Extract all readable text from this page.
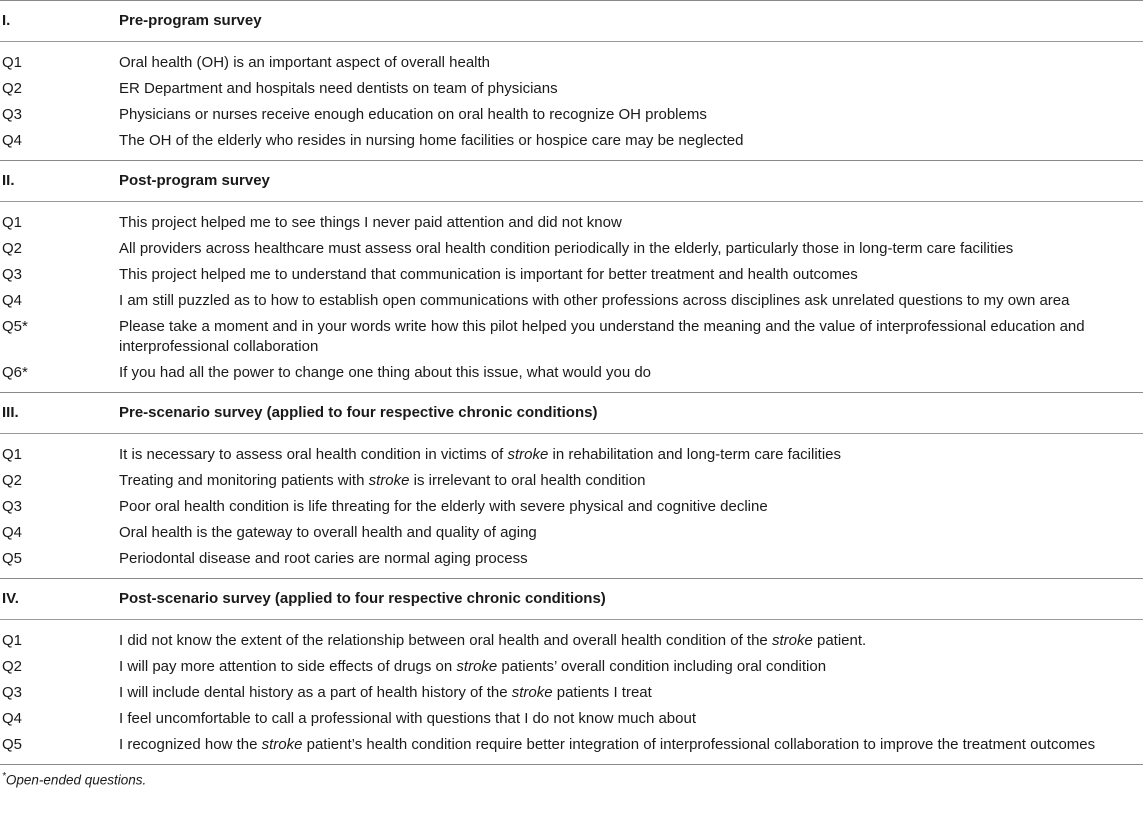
I.	Pre-program survey
Q1	Oral health (OH) is an important aspect of overall health
Q2	ER Department and hospitals need dentists on team of physicians
Q3	Physicians or nurses receive enough education on oral health to recognize OH problems
Q4	The OH of the elderly who resides in nursing home facilities or hospice care may be neglected
II.	Post-program survey
Q1	This project helped me to see things I never paid attention and did not know
Q2	All providers across healthcare must assess oral health condition periodically in the elderly, particularly those in long-term care facilities
Q3	This project helped me to understand that communication is important for better treatment and health outcomes
Q4	I am still puzzled as to how to establish open communications with other professions across disciplines ask unrelated questions to my own area
Q5*	Please take a moment and in your words write how this pilot helped you understand the meaning and the value of interprofessional education and interprofessional collaboration
Q6*	If you had all the power to change one thing about this issue, what would you do
III.	Pre-scenario survey (applied to four respective chronic conditions)
Q1	It is necessary to assess oral health condition in victims of stroke in rehabilitation and long-term care facilities
Q2	Treating and monitoring patients with stroke is irrelevant to oral health condition
Q3	Poor oral health condition is life threating for the elderly with severe physical and cognitive decline
Q4	Oral health is the gateway to overall health and quality of aging
Q5	Periodontal disease and root caries are normal aging process
IV.	Post-scenario survey (applied to four respective chronic conditions)
Q1	I did not know the extent of the relationship between oral health and overall health condition of the stroke patient.
Q2	I will pay more attention to side effects of drugs on stroke patients’ overall condition including oral condition
Q3	I will include dental history as a part of health history of the stroke patients I treat
Q4	I feel uncomfortable to call a professional with questions that I do not know much about
Q5	I recognized how the stroke patient’s health condition require better integration of interprofessional collaboration to improve the treatment outcomes
*Open-ended questions.
